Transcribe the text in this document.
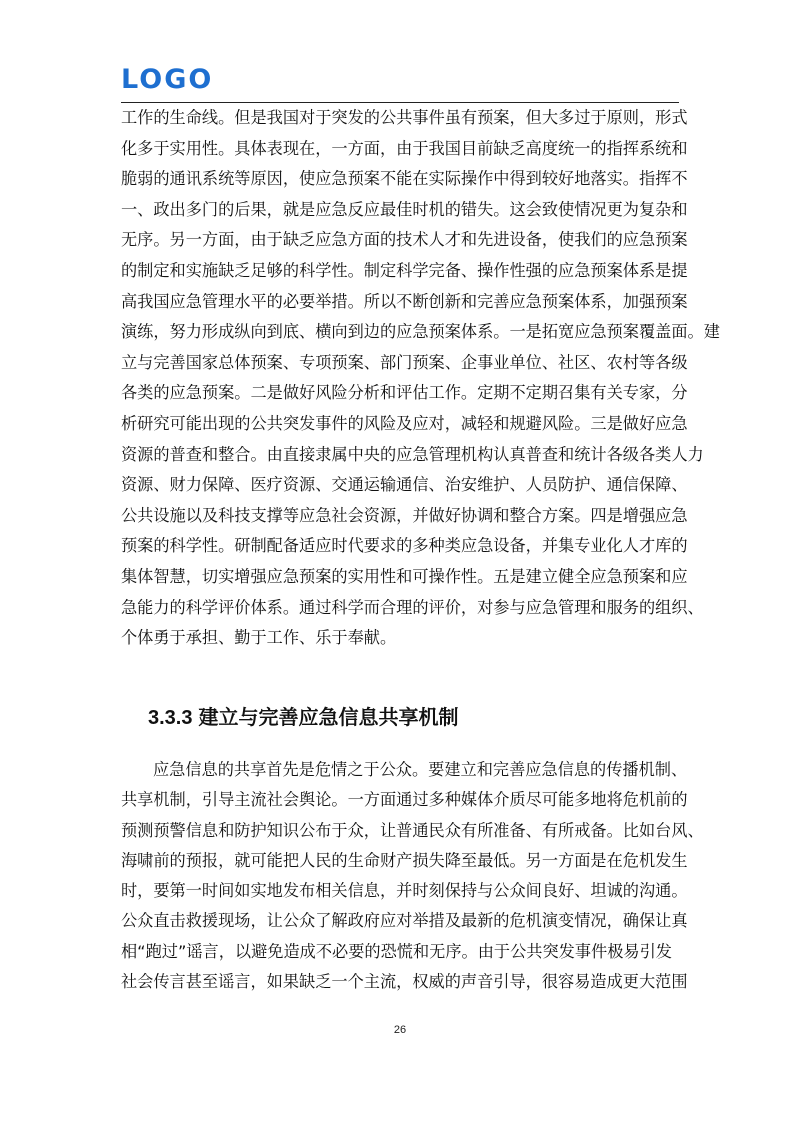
LOGO
工作的生命线。但是我国对于突发的公共事件虽有预案，但大多过于原则，形式
化多于实用性。具体表现在，一方面，由于我国目前缺乏高度统一的指挥系统和
脆弱的通讯系统等原因，使应急预案不能在实际操作中得到较好地落实。指挥不
一、政出多门的后果，就是应急反应最佳时机的错失。这会致使情况更为复杂和
无序。另一方面，由于缺乏应急方面的技术人才和先进设备，使我们的应急预案
的制定和实施缺乏足够的科学性。制定科学完备、操作性强的应急预案体系是提
高我国应急管理水平的必要举措。所以不断创新和完善应急预案体系，加强预案
演练，努力形成纵向到底、横向到边的应急预案体系。一是拓宽应急预案覆盖面。建
立与完善国家总体预案、专项预案、部门预案、企事业单位、社区、农村等各级
各类的应急预案。二是做好风险分析和评估工作。定期不定期召集有关专家，分
析研究可能出现的公共突发事件的风险及应对，减轻和规避风险。三是做好应急
资源的普查和整合。由直接隶属中央的应急管理机构认真普查和统计各级各类人力
资源、财力保障、医疗资源、交通运输通信、治安维护、人员防护、通信保障、
公共设施以及科技支撑等应急社会资源，并做好协调和整合方案。四是增强应急
预案的科学性。研制配备适应时代要求的多种类应急设备，并集专业化人才库的
集体智慧，切实增强应急预案的实用性和可操作性。五是建立健全应急预案和应
急能力的科学评价体系。通过科学而合理的评价，对参与应急管理和服务的组织、
个体勇于承担、勤于工作、乐于奉献。
3.3.3 建立与完善应急信息共享机制
应急信息的共享首先是危情之于公众。要建立和完善应急信息的传播机制、
共享机制，引导主流社会舆论。一方面通过多种媒体介质尽可能多地将危机前的
预测预警信息和防护知识公布于众，让普通民众有所准备、有所戒备。比如台风、
海啸前的预报，就可能把人民的生命财产损失降至最低。另一方面是在危机发生
时，要第一时间如实地发布相关信息，并时刻保持与公众间良好、坦诚的沟通。
公众直击救援现场，让公众了解政府应对举措及最新的危机演变情况，确保让真
相“跑过”谣言，以避免造成不必要的恐慌和无序。由于公共突发事件极易引发
社会传言甚至谣言，如果缺乏一个主流，权威的声音引导，很容易造成更大范围
26
